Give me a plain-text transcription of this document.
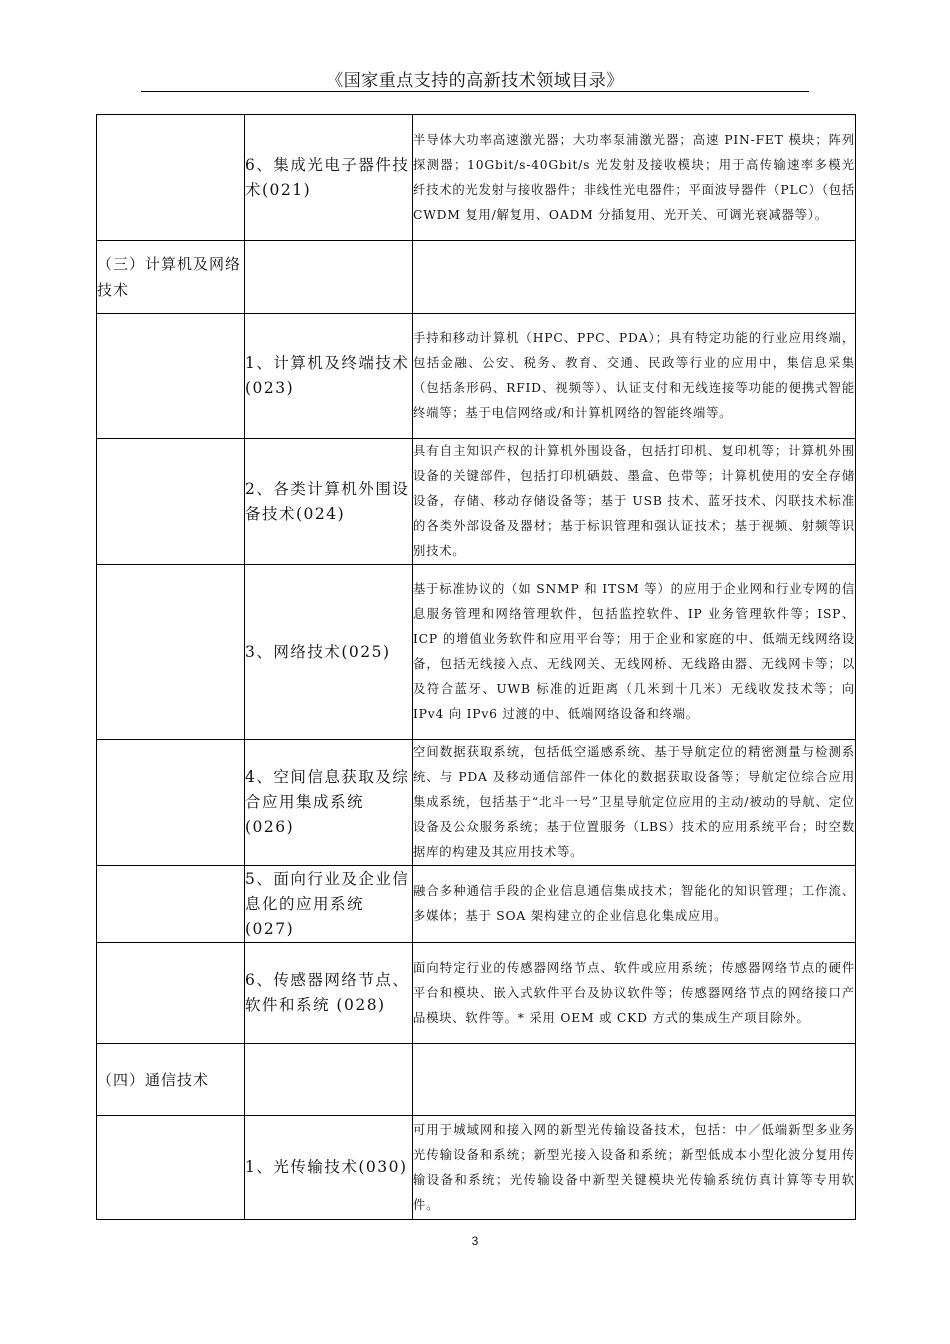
《国家重点支持的高新技术领域目录》
	6、集成光电子器件技术(021)	半导体大功率高速激光器；大功率泵浦激光器；高速 PIN-FET 模块；阵列探测器；10Gbit/s-40Gbit/s 光发射及接收模块；用于高传输速率多模光纤技术的光发射与接收器件；非线性光电器件；平面波导器件（PLC）（包括 CWDM 复用/解复用、OADM 分插复用、光开关、可调光衰减器等）。
（三）计算机及网络技术		
	1、计算机及终端技术(023)	手持和移动计算机（HPC、PPC、PDA）；具有特定功能的行业应用终端，包括金融、公安、税务、教育、交通、民政等行业的应用中，集信息采集（包括条形码、RFID、视频等）、认证支付和无线连接等功能的便携式智能终端等；基于电信网络或/和计算机网络的智能终端等。
	2、各类计算机外围设备技术(024)	具有自主知识产权的计算机外围设备，包括打印机、复印机等；计算机外围设备的关键部件，包括打印机硒鼓、墨盒、色带等；计算机使用的安全存储设备，存储、移动存储设备等；基于 USB 技术、蓝牙技术、闪联技术标准的各类外部设备及器材；基于标识管理和强认证技术；基于视频、射频等识别技术。
	3、网络技术(025)	基于标准协议的（如 SNMP 和 ITSM 等）的应用于企业网和行业专网的信息服务管理和网络管理软件，包括监控软件、IP 业务管理软件等；ISP、ICP 的增值业务软件和应用平台等；用于企业和家庭的中、低端无线网络设备，包括无线接入点、无线网关、无线网桥、无线路由器、无线网卡等；以及符合蓝牙、UWB 标准的近距离（几米到十几米）无线收发技术等；向 IPv4 向 IPv6 过渡的中、低端网络设备和终端。
	4、空间信息获取及综合应用集成系统(026)	空间数据获取系统，包括低空遥感系统、基于导航定位的精密测量与检测系统、与 PDA 及移动通信部件一体化的数据获取设备等；导航定位综合应用集成系统，包括基于“北斗一号”卫星导航定位应用的主动/被动的导航、定位设备及公众服务系统；基于位置服务（LBS）技术的应用系统平台；时空数据库的构建及其应用技术等。
	5、面向行业及企业信息化的应用系统(027)	融合多种通信手段的企业信息通信集成技术；智能化的知识管理；工作流、多媒体；基于 SOA 架构建立的企业信息化集成应用。
	6、传感器网络节点、软件和系统 (028)	面向特定行业的传感器网络节点、软件或应用系统；传感器网络节点的硬件平台和模块、嵌入式软件平台及协议软件等；传感器网络节点的网络接口产品模块、软件等。* 采用 OEM 或 CKD 方式的集成生产项目除外。
（四）通信技术		
	1、光传输技术(030)	可用于城域网和接入网的新型光传输设备技术，包括：中／低端新型多业务光传输设备和系统；新型光接入设备和系统；新型低成本小型化波分复用传输设备和系统；光传输设备中新型关键模块光传输系统仿真计算等专用软件。
3
